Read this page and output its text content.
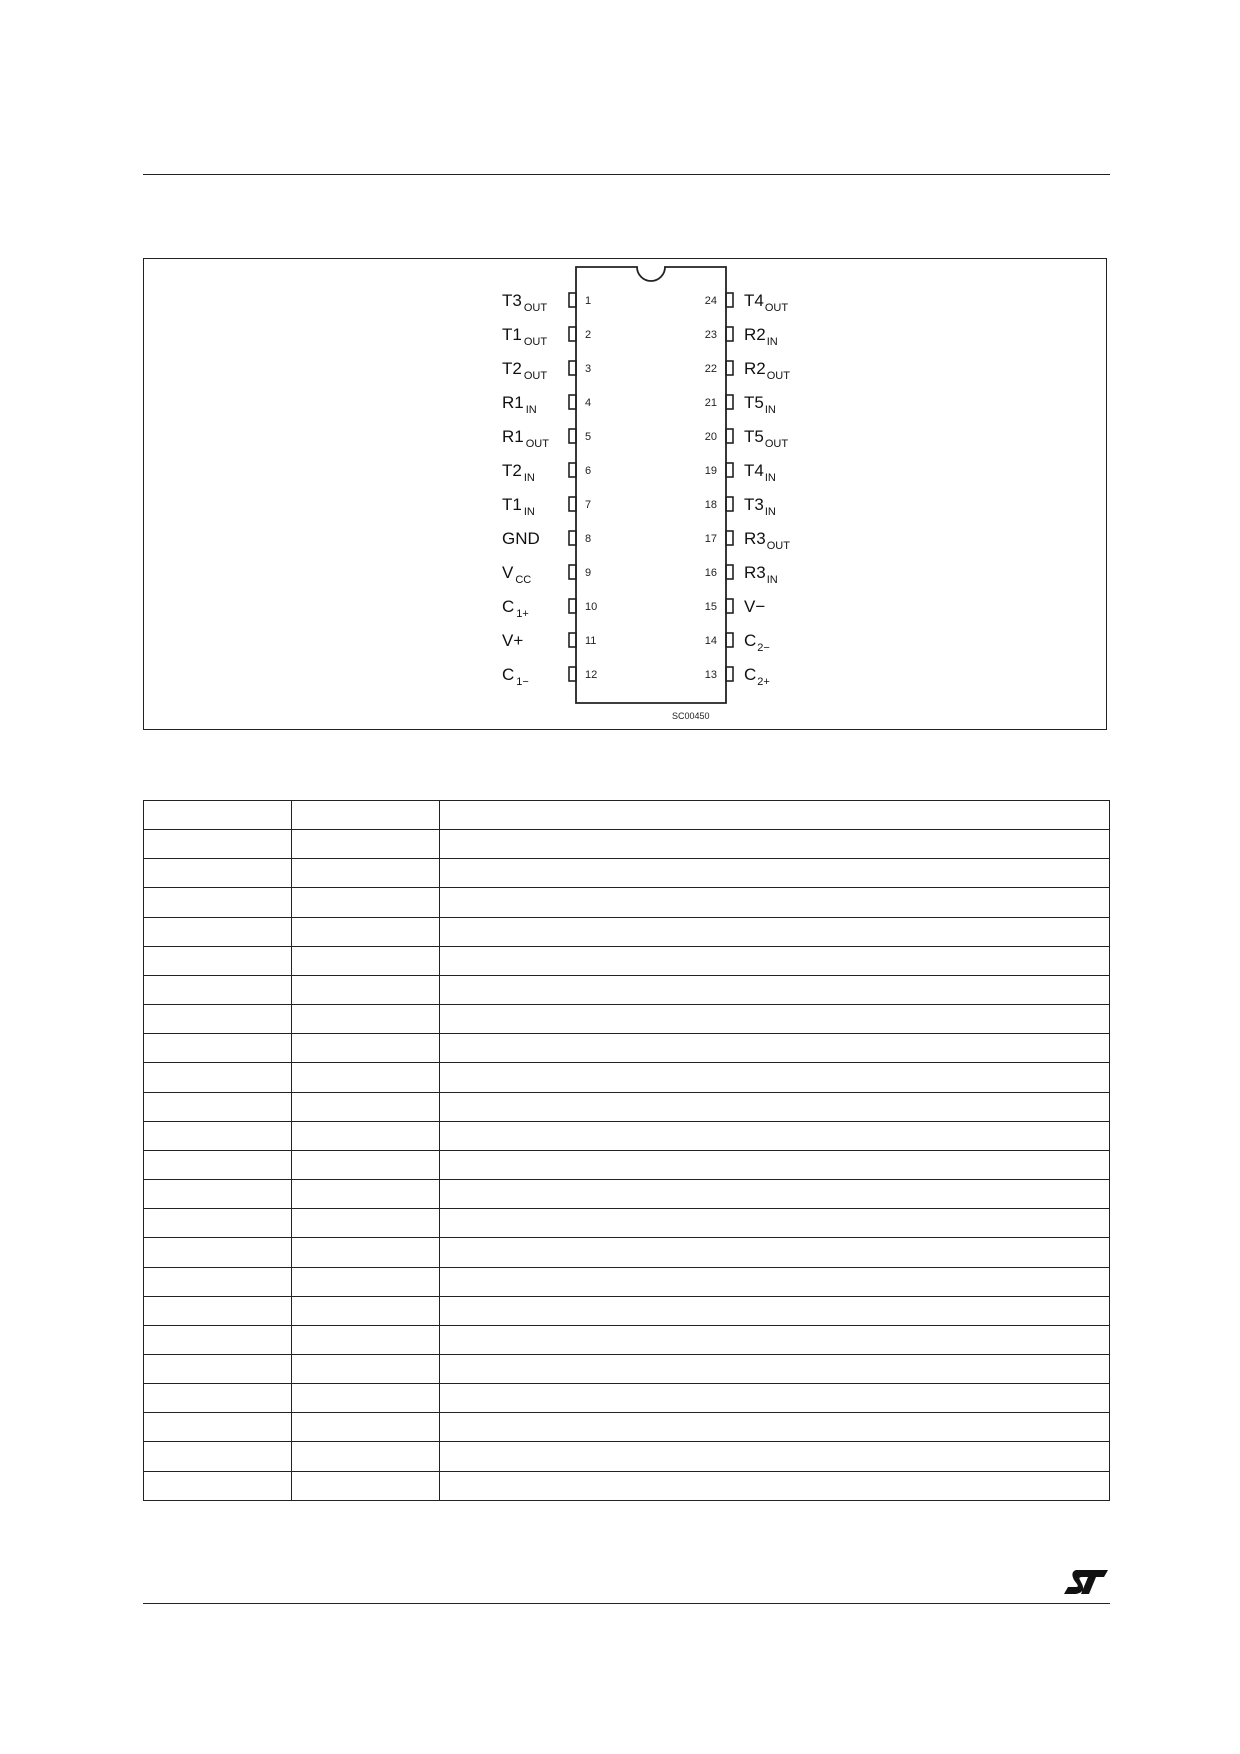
1
T3 $_{OUT}$
2
T1 $_{OUT}$
3
T2 $_{OUT}$
4
R1 $_{IN}$
5
R1 $_{OUT}$
6
T2 $_{IN}$
7
T1 $_{IN}$
8
GND
9
V $_{CC}$
10
C $_{1+}$
11
V+
12
C $_{1-}$
24 $T4_{OUT}$
23 $R2_{IN}$
22 $R2_{OUT}$
21 $T5_{IN}$
20 $T5_{OUT}$
19 $T4_{IN}$
18 $T3_{IN}$
17 $R3_{OUT}$
16 $R3_{IN}$
15 V−
14 $C_{2-}$
13 $C_{2+}$
SC00450
